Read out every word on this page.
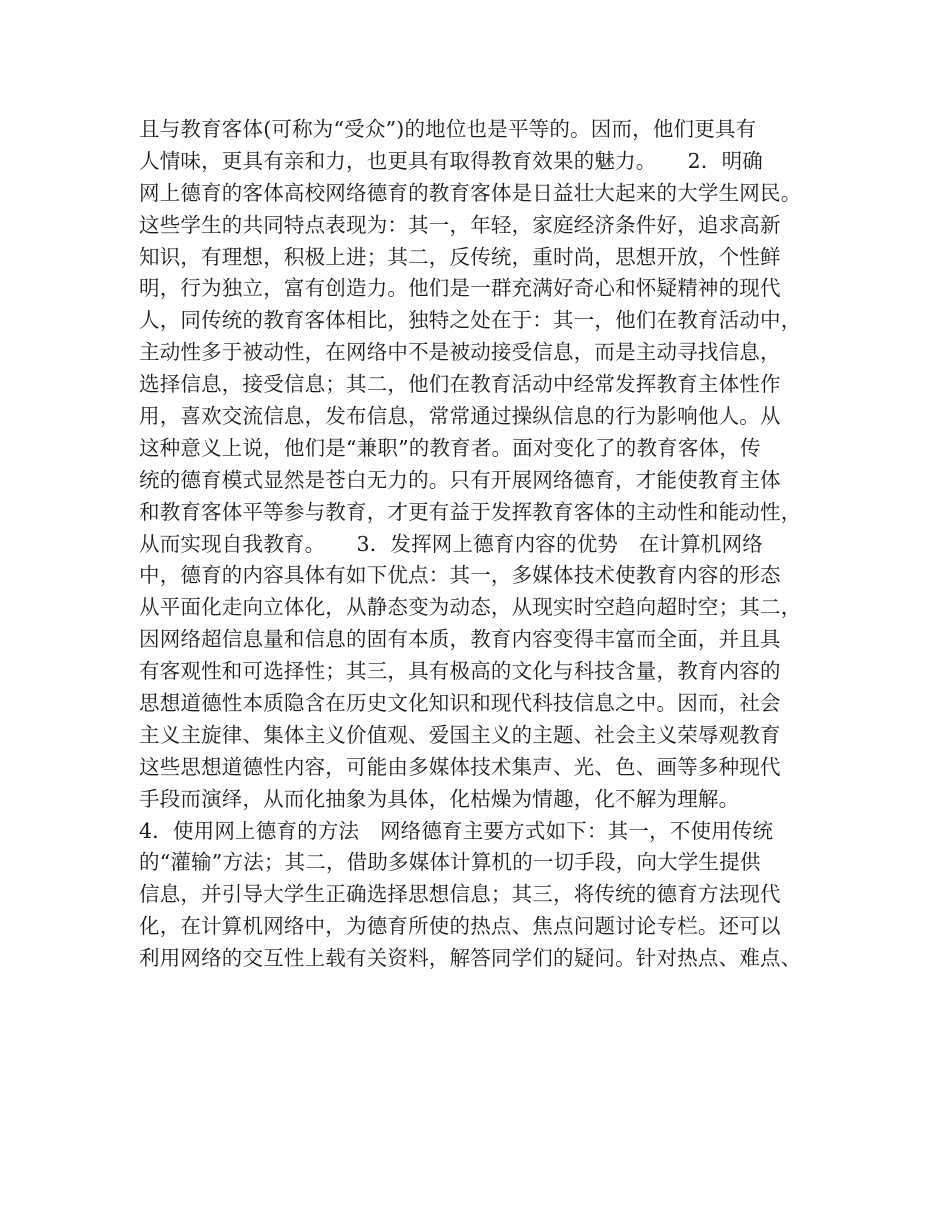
且与教育客体(可称为“受众”)的地位也是平等的。因而，他们更具有
人情味，更具有亲和力，也更具有取得教育效果的魅力。　　2．明确
网上德育的客体高校网络德育的教育客体是日益壮大起来的大学生网民。
这些学生的共同特点表现为：其一，年轻，家庭经济条件好，追求高新
知识，有理想，积极上进；其二，反传统，重时尚，思想开放，个性鲜
明，行为独立，富有创造力。他们是一群充满好奇心和怀疑精神的现代
人，同传统的教育客体相比，独特之处在于：其一，他们在教育活动中，
主动性多于被动性，在网络中不是被动接受信息，而是主动寻找信息，
选择信息，接受信息；其二，他们在教育活动中经常发挥教育主体性作
用，喜欢交流信息，发布信息，常常通过操纵信息的行为影响他人。从
这种意义上说，他们是“兼职”的教育者。面对变化了的教育客体，传
统的德育模式显然是苍白无力的。只有开展网络德育，才能使教育主体
和教育客体平等参与教育，才更有益于发挥教育客体的主动性和能动性，
从而实现自我教育。　　3．发挥网上德育内容的优势　在计算机网络
中，德育的内容具体有如下优点：其一，多媒体技术使教育内容的形态
从平面化走向立体化，从静态变为动态，从现实时空趋向超时空；其二，
因网络超信息量和信息的固有本质，教育内容变得丰富而全面，并且具
有客观性和可选择性；其三，具有极高的文化与科技含量，教育内容的
思想道德性本质隐含在历史文化知识和现代科技信息之中。因而，社会
主义主旋律、集体主义价值观、爱国主义的主题、社会主义荣辱观教育
这些思想道德性内容，可能由多媒体技术集声、光、色、画等多种现代
手段而演绎，从而化抽象为具体，化枯燥为情趣，化不解为理解。
4．使用网上德育的方法　网络德育主要方式如下：其一，不使用传统
的“灌输”方法；其二，借助多媒体计算机的一切手段，向大学生提供
信息，并引导大学生正确选择思想信息；其三，将传统的德育方法现代
化，在计算机网络中，为德育所使的热点、焦点问题讨论专栏。还可以
利用网络的交互性上载有关资料，解答同学们的疑问。针对热点、难点、
